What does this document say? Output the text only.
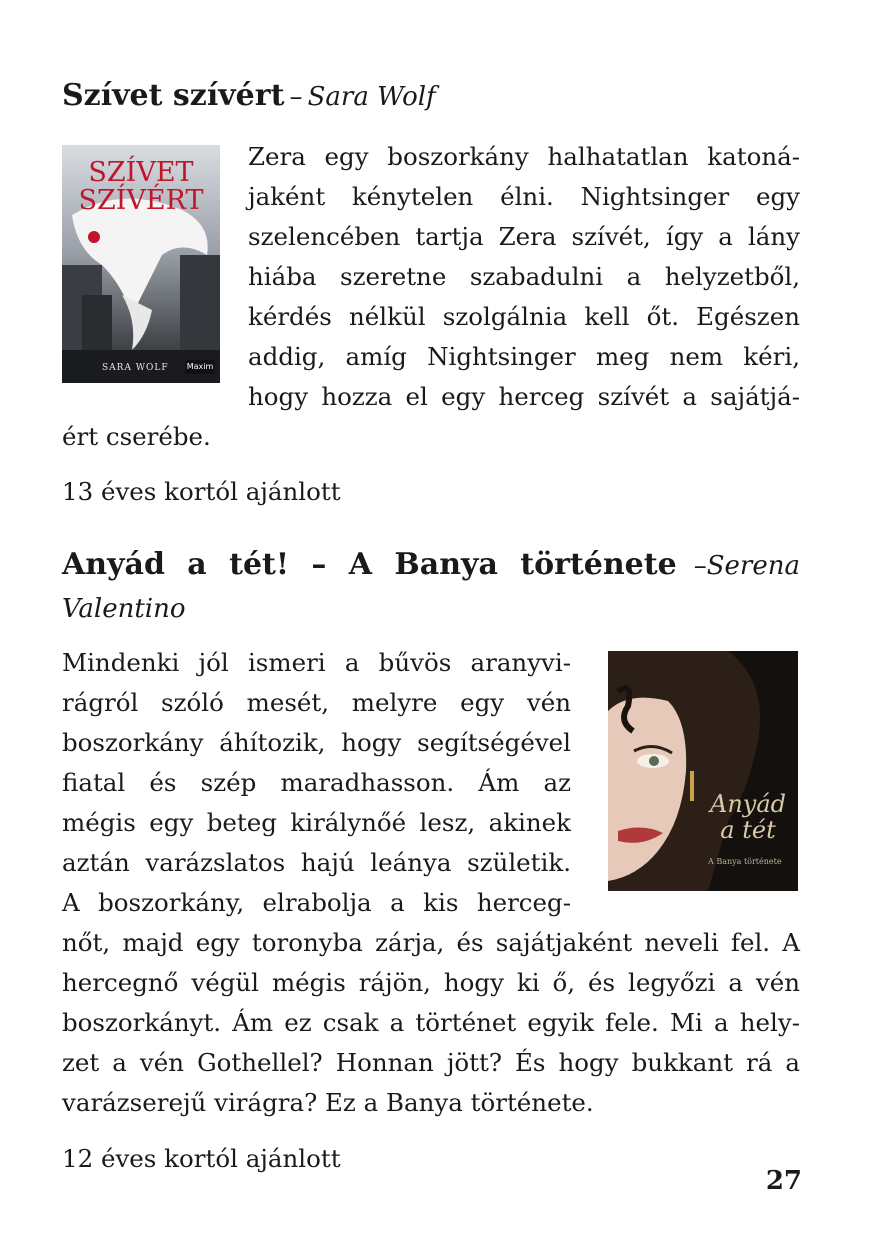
Szívet szívért – Sara Wolf
SZÍVET
SZÍVÉRT
SARA WOLF Maxim
Zera egy boszorkány halhatatlan katoná-
jaként kénytelen élni. Nightsinger egy
szelencében tartja Zera szívét, így a lány
hiába szeretne szabadulni a helyzetből,
kérdés nélkül szolgálnia kell őt. Egészen
addig, amíg Nightsinger meg nem kéri,
hogy hozza el egy herceg szívét a sajátjá-
ért cserébe.
13 éves kortól ajánlott
Anyád a tét! – A Banya története –Serena
Valentino
Anyád
a tét
A Banya története
Mindenki jól ismeri a bűvös aranyvi-
rágról szóló mesét, melyre egy vén
boszorkány áhítozik, hogy segítségével
fiatal és szép maradhasson. Ám az
mégis egy beteg királynőé lesz, akinek
aztán varázslatos hajú leánya születik.
A boszorkány, elrabolja a kis herceg-
nőt, majd egy toronyba zárja, és sajátjaként neveli fel. A
hercegnő végül mégis rájön, hogy ki ő, és legyőzi a vén
boszorkányt. Ám ez csak a történet egyik fele. Mi a hely-
zet a vén Gothellel? Honnan jött? És hogy bukkant rá a
varázserejű virágra? Ez a Banya története.
12 éves kortól ajánlott
27
